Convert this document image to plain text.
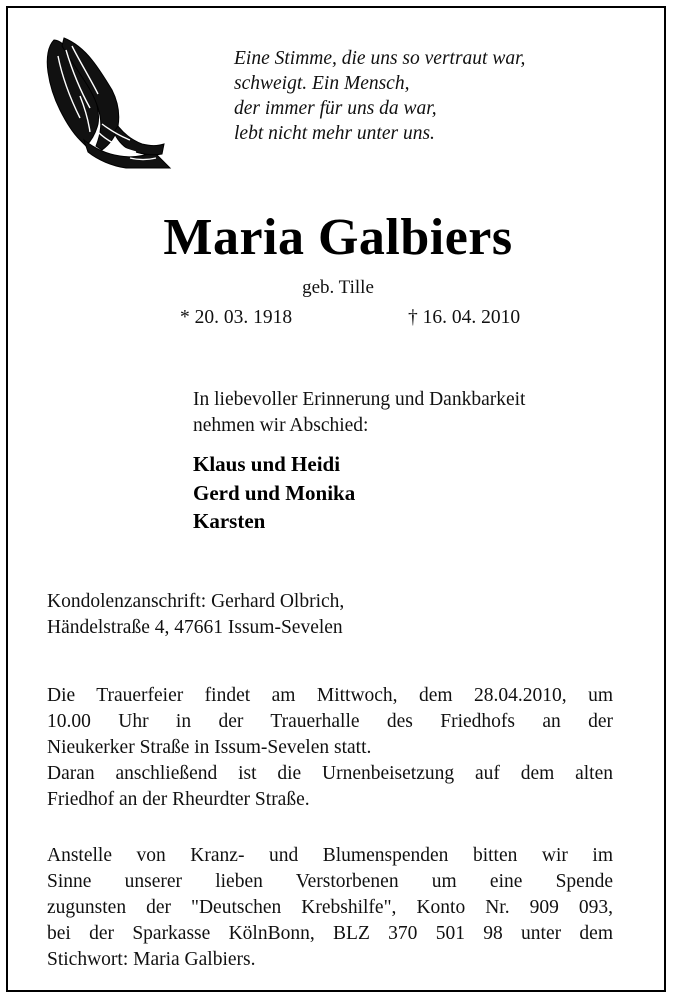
Eine Stimme, die uns so vertraut war,
schweigt. Ein Mensch,
der immer für uns da war,
lebt nicht mehr unter uns.
Maria Galbiers
geb. Tille
* 20. 03. 1918	† 16. 04. 2010
In liebevoller Erinnerung und Dankbarkeit
nehmen wir Abschied:
Klaus und Heidi
Gerd und Monika
Karsten
Kondolenzanschrift: Gerhard Olbrich,
Händelstraße 4, 47661 Issum-Sevelen
Die Trauerfeier findet am Mittwoch, dem 28.04.2010, um
10.00 Uhr in der Trauerhalle des Friedhofs an der
Nieukerker Straße in Issum-Sevelen statt.
Daran anschließend ist die Urnenbeisetzung auf dem alten
Friedhof an der Rheurdter Straße.
Anstelle von Kranz- und Blumenspenden bitten wir im
Sinne unserer lieben Verstorbenen um eine Spende
zugunsten der "Deutschen Krebshilfe", Konto Nr. 909 093,
bei der Sparkasse KölnBonn, BLZ 370 501 98 unter dem
Stichwort: Maria Galbiers.
